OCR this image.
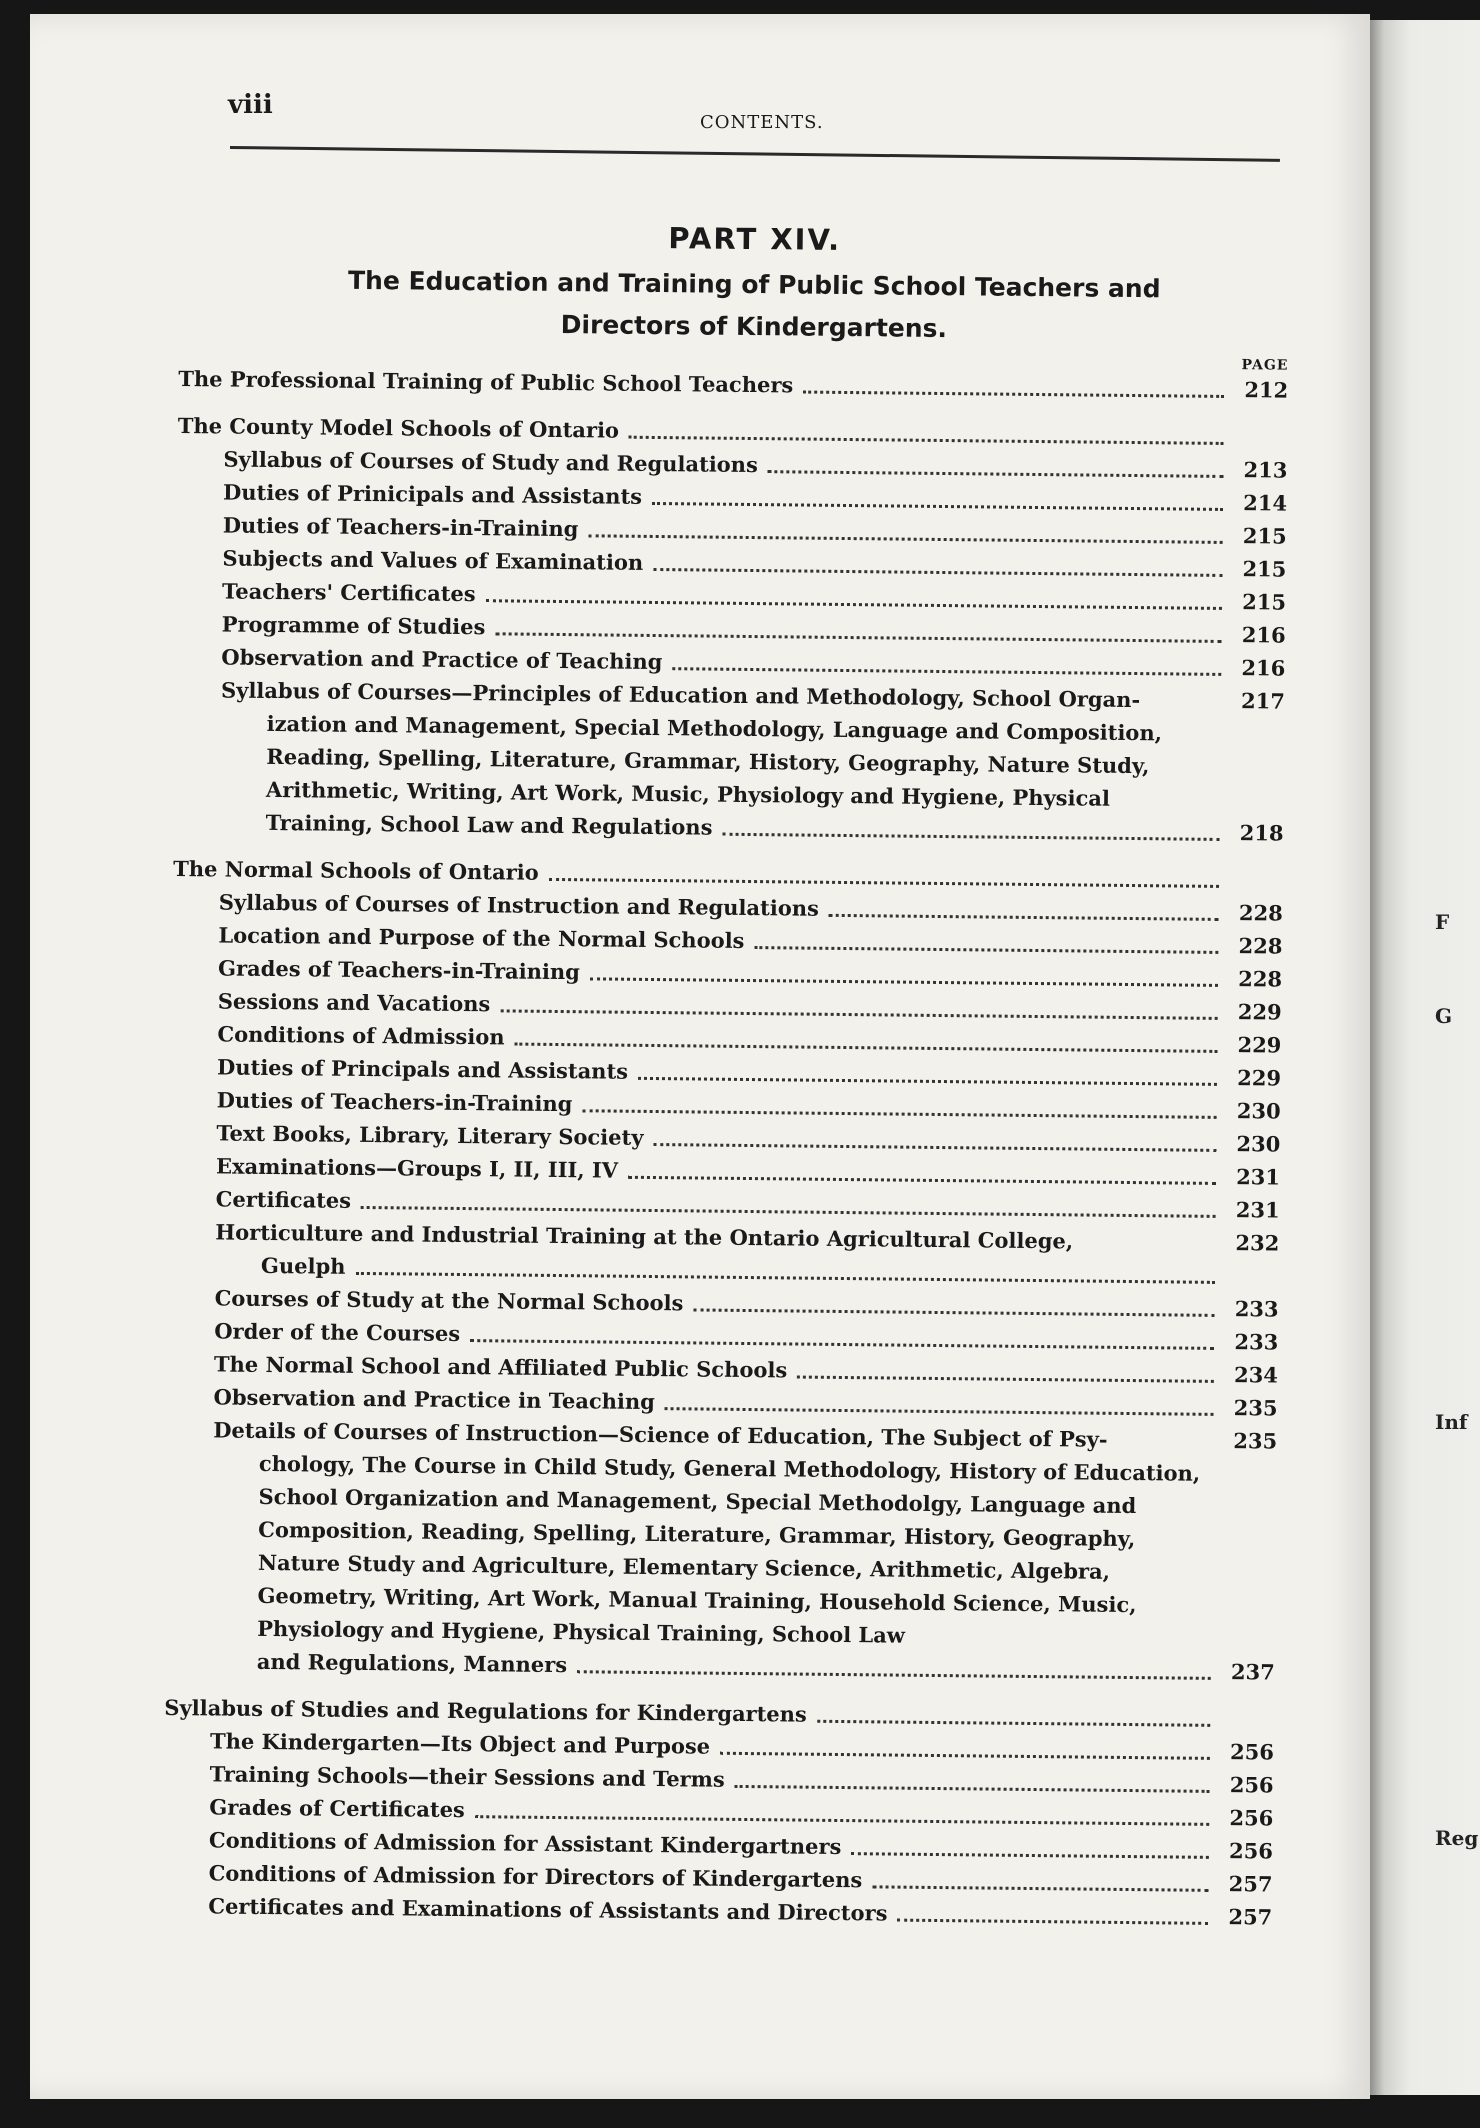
F
G
Inf
Reg
viii
CONTENTS.
PART XIV.
The Education and Training of Public School Teachers and
Directors of Kindergartens.
PAGE
The Professional Training of Public School Teachers	212
The County Model Schools of Ontario
Syllabus of Courses of Study and Regulations	213
Duties of Prinicipals and Assistants	214
Duties of Teachers-in-Training	215
Subjects and Values of Examination	215
Teachers' Certificates	215
Programme of Studies	216
Observation and Practice of Teaching	216
Syllabus of Courses—Principles of Education and Methodology, School Organ-	217
ization and Management, Special Methodology, Language and Composition, Reading, Spelling, Literature, Grammar, History, Geography, Nature Study, Arithmetic, Writing, Art Work, Music, Physiology and Hygiene, Physical
Training, School Law and Regulations	218
The Normal Schools of Ontario
Syllabus of Courses of Instruction and Regulations	228
Location and Purpose of the Normal Schools	228
Grades of Teachers-in-Training	228
Sessions and Vacations	229
Conditions of Admission	229
Duties of Principals and Assistants	229
Duties of Teachers-in-Training	230
Text Books, Library, Literary Society	230
Examinations—Groups I, II, III, IV	231
Certificates	231
Horticulture and Industrial Training at the Ontario Agricultural College,	232
Guelph
Courses of Study at the Normal Schools	233
Order of the Courses	233
The Normal School and Affiliated Public Schools	234
Observation and Practice in Teaching	235
Details of Courses of Instruction—Science of Education, The Subject of Psy-	235
chology, The Course in Child Study, General Methodology, History of Education, School Organization and Management, Special Methodolgy, Language and Composition, Reading, Spelling, Literature, Grammar, History, Geography, Nature Study and Agriculture, Elementary Science, Arithmetic, Algebra, Geometry, Writing, Art Work, Manual Training, Household Science, Music, Physiology and Hygiene, Physical Training, School Law
and Regulations, Manners	237
Syllabus of Studies and Regulations for Kindergartens
The Kindergarten—Its Object and Purpose	256
Training Schools—their Sessions and Terms	256
Grades of Certificates	256
Conditions of Admission for Assistant Kindergartners	256
Conditions of Admission for Directors of Kindergartens	257
Certificates and Examinations of Assistants and Directors	257
